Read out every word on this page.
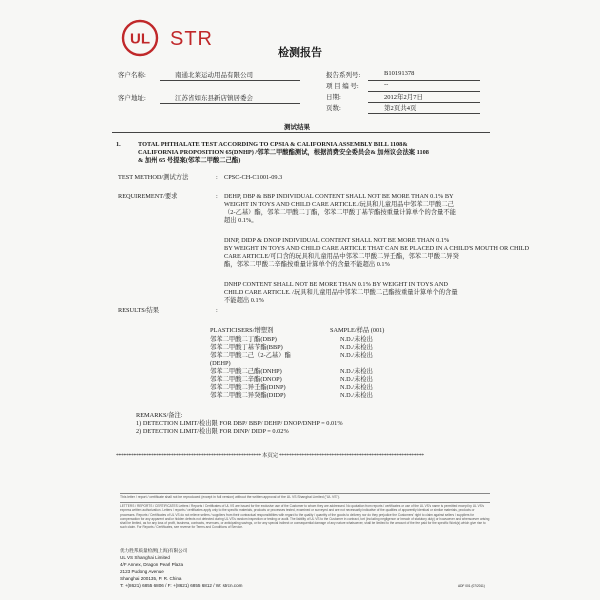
UL STR
检测报告
客户名称:	南通北莱运动用品有限公司	报告系列号:	B10191378
项 目 编 号:	--
客户地址:	江苏省如东县新店镇居委会	日期:	2012年2月7日
页数:	第2页共4页
测试结果
1.	TOTAL PHTHALATE TEST ACCORDING TO CPSIA & CALIFORNIA ASSEMBLY BILL 1108&
CALIFORNIA PROPOSITION 65(DNHP) /邻苯二甲酸酯测试，根据消费安全委员会& 加州议会法案 1108
& 加州 65 号提案(邻苯二甲酸二己酯)
TEST METHOD/测试方法	: CPSC-CH-C1001-09.3
REQUIREMENT/要求	: DEHP, DBP & BBP INDIVIDUAL CONTENT SHALL NOT BE MORE THAN 0.1% BY
WEIGHT IN TOYS AND CHILD CARE ARTICLE./玩具和儿童用品中邻苯二甲酸二己
（2-乙基）酯，邻苯二甲酸二丁酯，邻苯二甲酸丁基苄酯按重量计算单个的含量不能
超出 0.1%。
DINP, DIDP & DNOP INDIVIDUAL CONTENT SHALL NOT BE MORE THAN 0.1%
BY WEIGHT IN TOYS AND CHILD CARE ARTICLE THAT CAN BE PLACED IN A CHILD'S MOUTH OR CHILD
CARE ARTICLE/可口含的玩具和儿童用品中邻苯二甲酸二异壬酯，邻苯二甲酸二异癸
酯，邻苯二甲酸二辛酯按重量计算单个的含量不能超出 0.1%
DNHP CONTENT SHALL NOT BE MORE THAN 0.1% BY WEIGHT IN TOYS AND
CHILD CARE ARTICLE. /玩具和儿童用品中邻苯二甲酸二己酯按重量计算单个的含量
不能超出 0.1%
RESULTS/结果	:
PLASTICISERS/增塑剂	SAMPLE/样品 (001)
邻苯二甲酸二丁酯(DBP)	N.D./未检出
邻苯二甲酸丁基苄酯(BBP)	N.D./未检出
邻苯二甲酸二己（2-乙基）酯	N.D./未检出
(DEHP)
邻苯二甲酸二己酯(DNHP)	N.D./未检出
邻苯二甲酸二辛酯(DNOP)	N.D./未检出
邻苯二甲酸二异壬酯(DINP)	N.D./未检出
邻苯二甲酸二异癸酯(DIDP)	N.D./未检出
REMARKS/备注:
1) DETECTION LIMIT/检出限 FOR DBP/ BBP/ DEHP/ DNOP/DNHP = 0.01%
2) DETECTION LIMIT/检出限 FOR DINP/ DIDP = 0.02%
********************************************************** 本页完 **********************************************************
This letter / report / certificate shall not be reproduced (except in full version) without the written approval of the UL VS Shanghai Limited ("UL VS").
LETTERS / REPORTS / CERTIFICATES Letters / Reports / Certificates of UL VS are issued for the exclusive use of the Customer to whom they are addressed. No quotation from reports / certificates or use of the UL VS's name is permitted except by UL VS's express written authorization. Letters / reports / certificates apply only to the specific materials, products or processes tested, examined or surveyed and are not necessarily indicative of the qualities of apparently identical or similar materials, products or processes. Reports / Certificates of UL VS do not relieve sellers / suppliers from their contractual responsibilities with regard to the quality / quantity of the goods to delivery nor do they prejudice the Customers' right to claim against sellers / suppliers for compensation for any apparent and/or hidden defects not detected during UL VS's random inspection or testing or audit. The liability of UL VS to the Customer in contract, tort (including negligence or breach of statutory duty) or howsoever and whensoever arising shall be limited, as for any loss of profit, business, contracts, revenues, or anticipating savings, or for any special indirect or consequential damage of any nature whatsoever, shall be limited to the amount of the fee paid for the specific Work(s) which give rise to such claim. For Reports / Certificates, see reverse for Terms and Conditions of Service.
优力胜邦质量检测(上海)有限公司
UL VS Shanghai Limited
4/F Annex, Dragon Pearl Plaza
2123 Pudong Avenue
Shanghai 200135, P. R. China
T: +(8621) 6855 6806 / F: +(8621) 6855 6812 / W: strcn.com	ADF 001 (07/2011)
